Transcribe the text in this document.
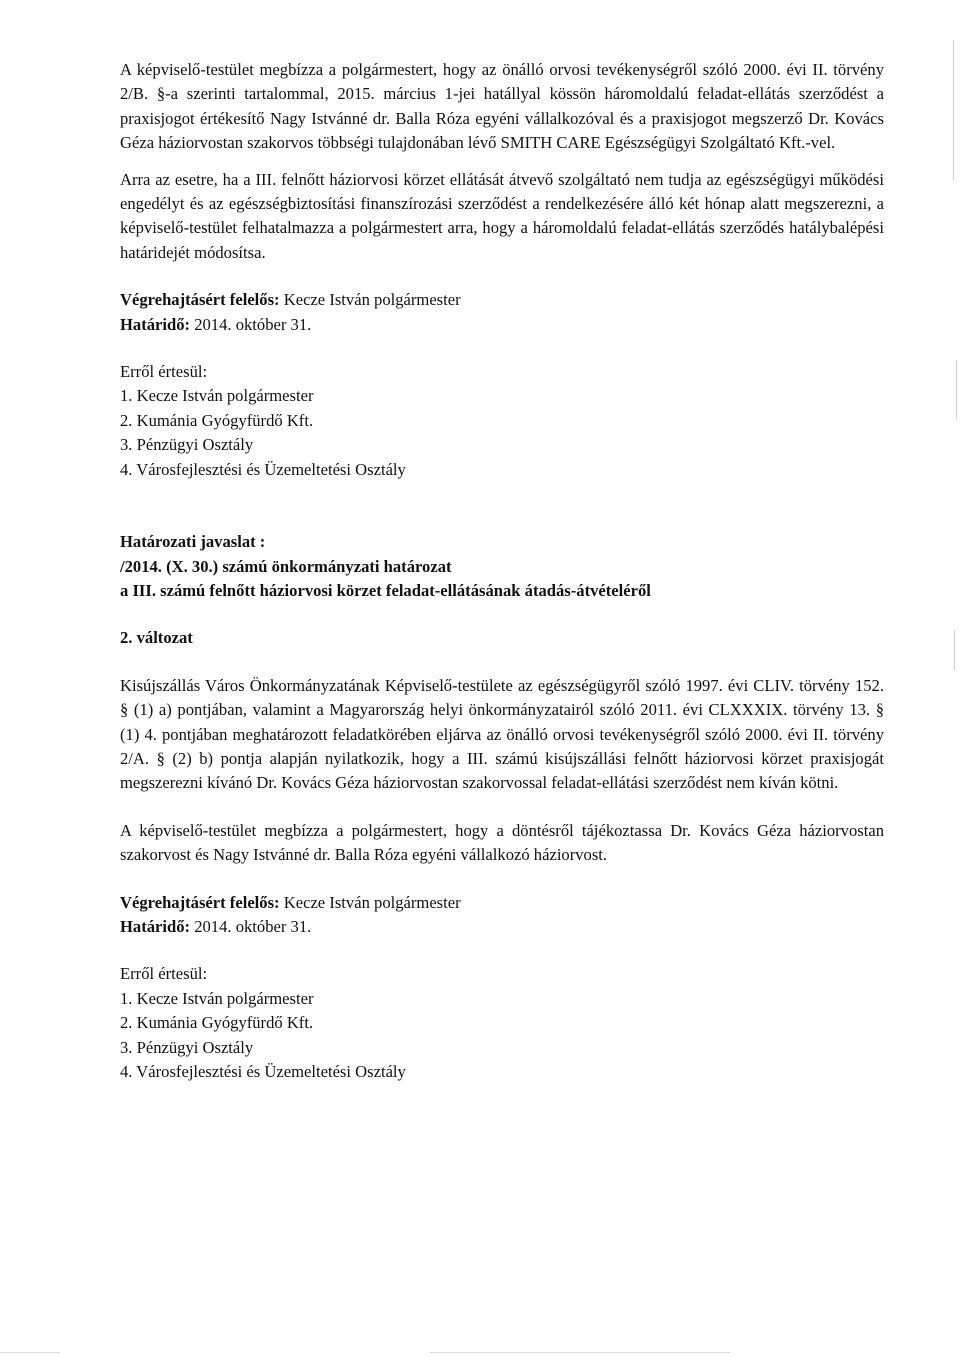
A képviselő-testület megbízza a polgármestert, hogy az önálló orvosi tevékenységről szóló 2000. évi II. törvény 2/B. §-a szerinti tartalommal, 2015. március 1-jei hatállyal kössön háromoldalú feladat-ellátás szerződést a praxisjogot értékesítő Nagy Istvánné dr. Balla Róza egyéni vállalkozóval és a praxisjogot megszerző Dr. Kovács Géza háziorvostan szakorvos többségi tulajdonában lévő SMITH CARE Egészségügyi Szolgáltató Kft.-vel.

Arra az esetre, ha a III. felnőtt háziorvosi körzet ellátását átvevő szolgáltató nem tudja az egészségügyi működési engedélyt és az egészségbiztosítási finanszírozási szerződést a rendelkezésére álló két hónap alatt megszerezni, a képviselő-testület felhatalmazza a polgármestert arra, hogy a háromoldalú feladat-ellátás szerződés hatálybalépési határidejét módosítsa.

Végrehajtásért felelős: Kecze István polgármester
Határidő: 2014. október 31.
Erről értesül:
1. Kecze István polgármester
2. Kumánia Gyógyfürdő Kft.
3. Pénzügyi Osztály
4. Városfejlesztési és Üzemeltetési Osztály
Határozati javaslat :
/2014. (X. 30.) számú önkormányzati határozat
a III. számú felnőtt háziorvosi körzet feladat-ellátásának átadás-átvételéről
2. változat

Kisújszállás Város Önkormányzatának Képviselő-testülete az egészségügyről szóló 1997. évi CLIV. törvény 152. § (1) a) pontjában, valamint a Magyarország helyi önkormányzatairól szóló 2011. évi CLXXXIX. törvény 13. § (1) 4. pontjában meghatározott feladatkörében eljárva az önálló orvosi tevékenységről szóló 2000. évi II. törvény 2/A. § (2) b) pontja alapján nyilatkozik, hogy a III. számú kisújszállási felnőtt háziorvosi körzet praxisjogát megszerezni kívánó Dr. Kovács Géza háziorvostan szakorvossal feladat-ellátási szerződést nem kíván kötni.

A képviselő-testület megbízza a polgármestert, hogy a döntésről tájékoztassa Dr. Kovács Géza háziorvostan szakorvost és Nagy Istvánné dr. Balla Róza egyéni vállalkozó háziorvost.

Végrehajtásért felelős: Kecze István polgármester
Határidő: 2014. október 31.
Erről értesül:
1. Kecze István polgármester
2. Kumánia Gyógyfürdő Kft.
3. Pénzügyi Osztály
4. Városfejlesztési és Üzemeltetési Osztály
